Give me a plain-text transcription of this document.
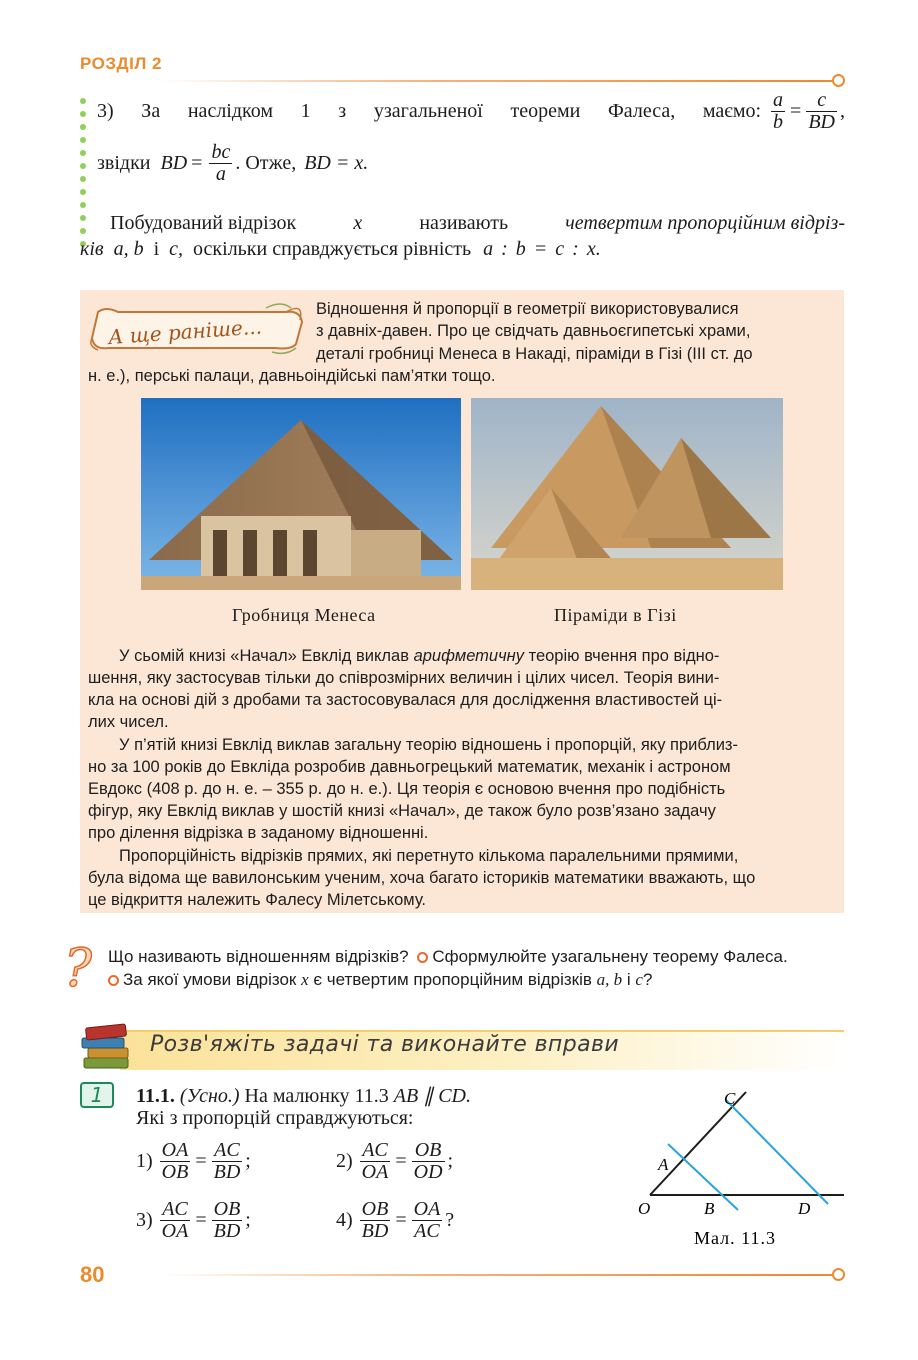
РОЗДІЛ 2
3) За наслідком 1 з узагальненої теореми Фалеса, маємо: $\frac{a}{b} = \frac{c}{BD}$ ,
звідки BD = $\frac{bc}{a}$ . Отже, BD = x.
Побудований відрізок	x	називають	четвертим пропорційним відріз-
ків a, b і c, оскільки справджується рівність a : b = c : x.
А ще раніше...
Відношення й пропорції в геометрії використовувалися
з давніх-давен. Про це свідчать давньоєгипетські храми,
деталі гробниці Менеса в Накаді, піраміди в Гізі (ІІІ ст. до
н. е.), перські палаци, давньоіндійські пам’ятки тощо.
Гробниця Менеса	Піраміди в Гізі
У сьомій книзі «Начал» Евклід виклав арифметичну теорію вчення про відно-
шення, яку застосував тільки до співрозмірних величин і цілих чисел. Теорія вини-
кла на основі дій з дробами та застосовувалася для дослідження властивостей ці-
лих чисел.
У п’ятій книзі Евклід виклав загальну теорію відношень і пропорцій, яку приблиз-
но за 100 років до Евкліда розробив давньогрецький математик, механік і астроном
Евдокс (408 р. до н. е. – 355 р. до н. е.). Ця теорія є основою вчення про подібність
фігур, яку Евклід виклав у шостій книзі «Начал», де також було розв’язано задачу
про ділення відрізка в заданому відношенні.
Пропорційність відрізків прямих, які перетнуто кількома паралельними прямими,
була відома ще вавилонським ученим, хоча багато істориків математики вважають, що
це відкриття належить Фалесу Мілетському.
? Що називають відношенням відрізків? Сформулюйте узагальнену теорему Фалеса.
За якої умови відрізок x є четвертим пропорційним відрізків a, b і c?
Розв'яжіть задачі та виконайте вправи
1	11.1. (Усно.) На малюнку 11.3 AB ∥ CD.
Які з пропорцій справджуються:
$1) \frac{OA}{OB} = \frac{AC}{BD}$ ;	$2) \frac{AC}{OA} = \frac{OB}{OD}$ ;
$3) \frac{AC}{OA} = \frac{OB}{BD}$ ;	$4) \frac{OB}{BD} = \frac{OA}{AC}$ ?
O
A
B
C
D
Мал. 11.3
80
